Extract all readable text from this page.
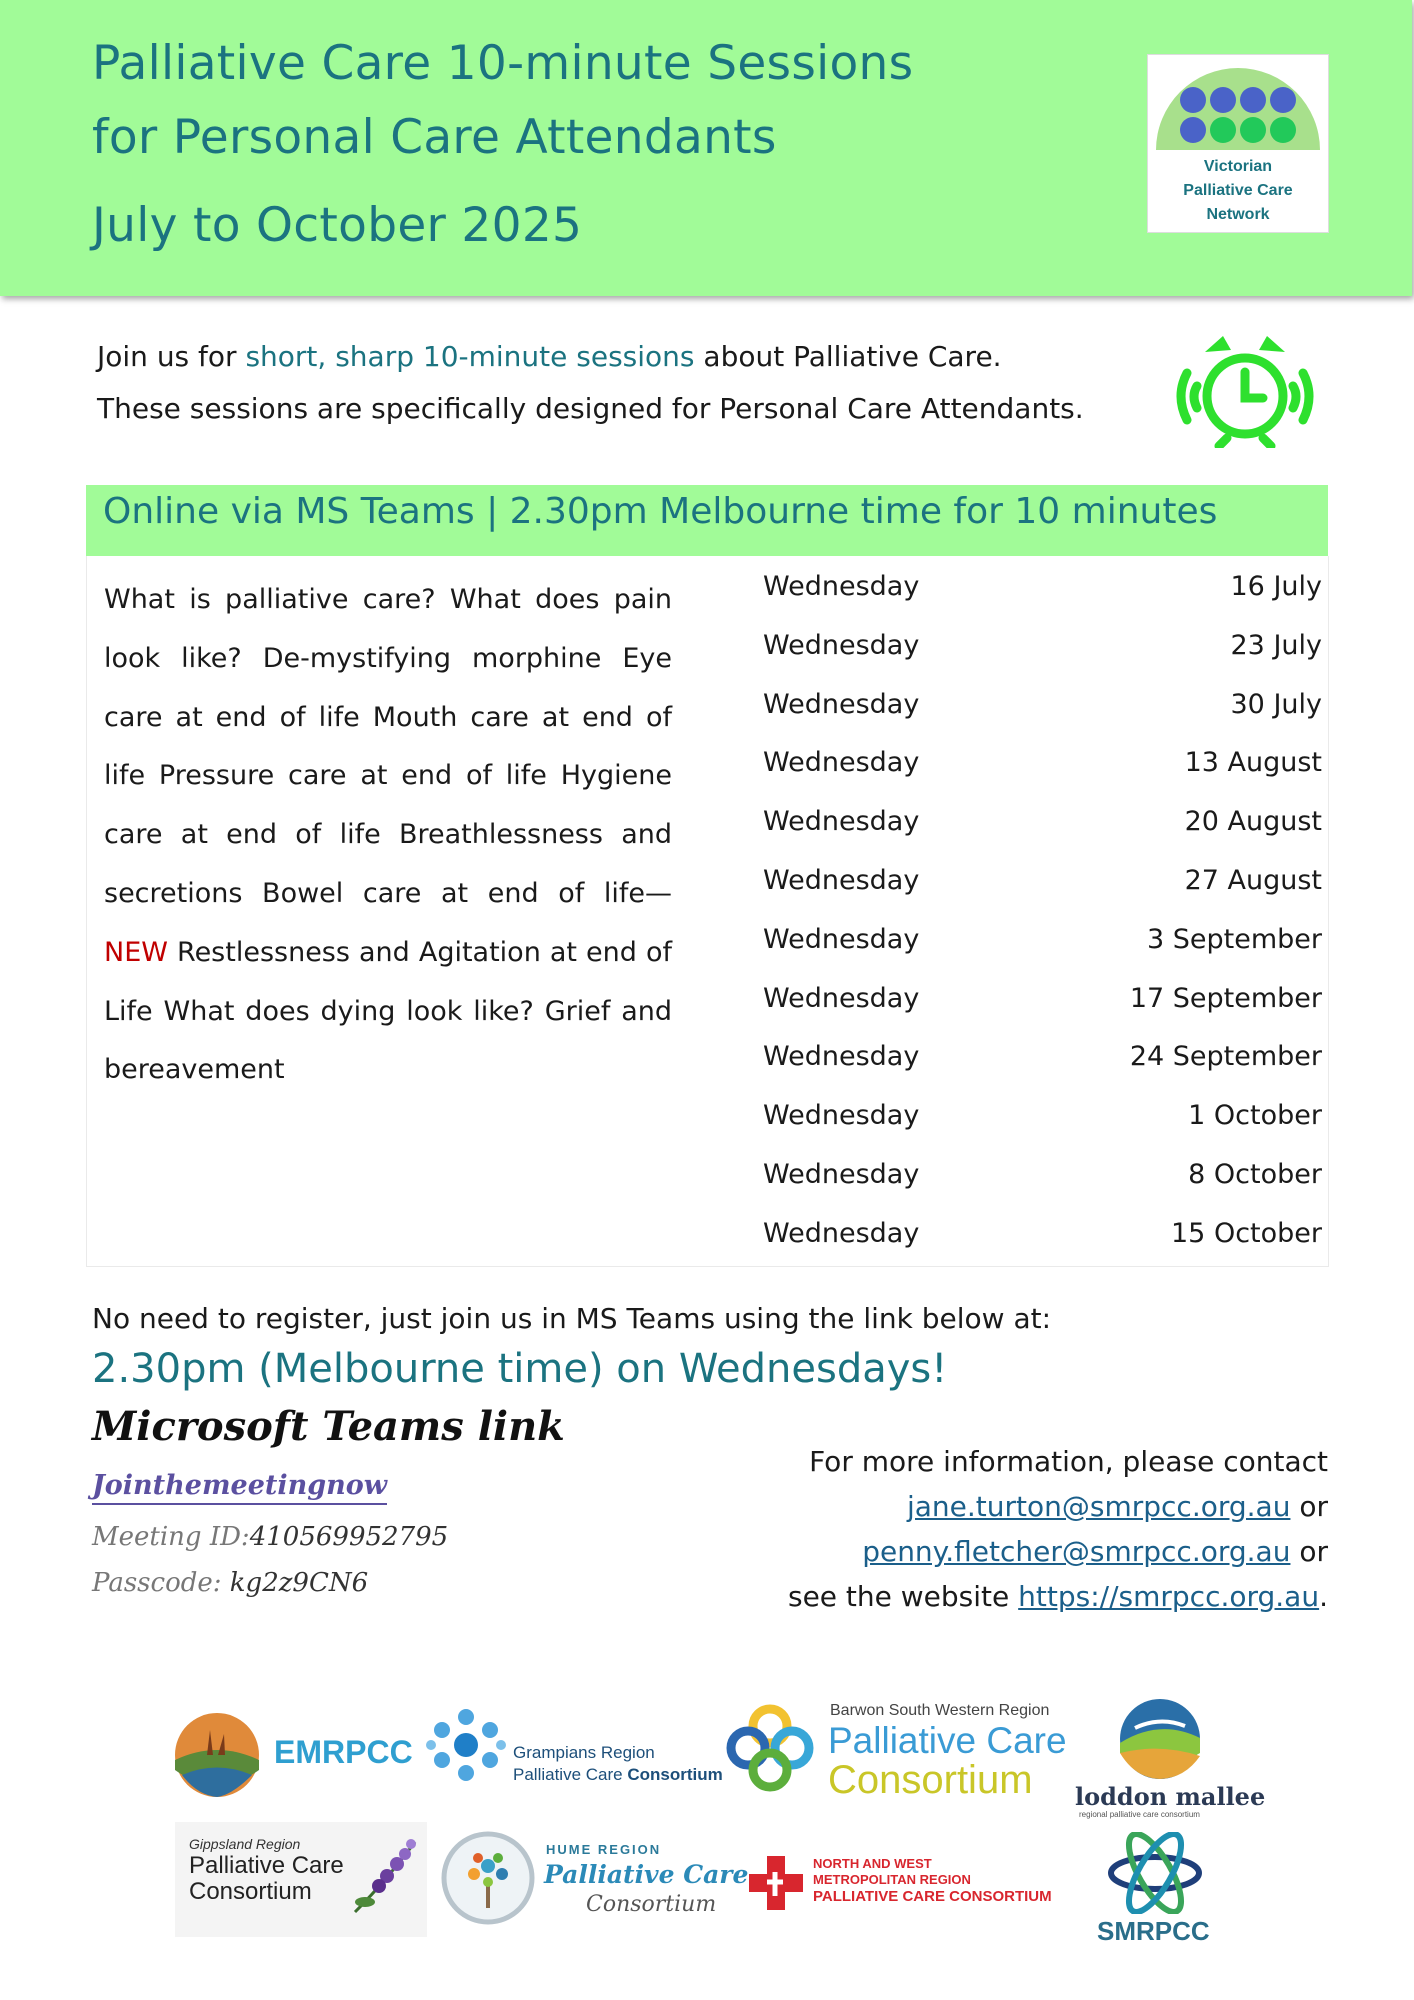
Palliative Care 10-minute Sessions
for Personal Care Attendants
July to October 2025
Victorian
Palliative Care
Network
Join us for short, sharp 10-minute sessions about Palliative Care.
These sessions are specifically designed for Personal Care Attendants.
Online via MS Teams | 2.30pm Melbourne time for 10 minutes
What is palliative care? What does pain look like? De-mystifying morphine Eye care at end of life Mouth care at end of life Pressure care at end of life Hygiene care at end of life Breathlessness and secretions Bowel care at end of life— NEW Restlessness and Agitation at end of Life What does dying look like? Grief and bereavement
Wednesday	16 July
Wednesday	23 July
Wednesday	30 July
Wednesday	13 August
Wednesday	20 August
Wednesday	27 August
Wednesday	3 September
Wednesday	17 September
Wednesday	24 September
Wednesday	1 October
Wednesday	8 October
Wednesday	15 October
No need to register, just join us in MS Teams using the link below at:
2.30pm (Melbourne time) on Wednesdays!
Microsoft Teams link
Jointhemeetingnow
Meeting ID:410569952795
Passcode: kg2z9CN6
For more information, please contact
jane.turton@smrpcc.org.au or
penny.fletcher@smrpcc.org.au or
see the website https://smrpcc.org.au.
EMRPCC	Grampians Region
Palliative Care Consortium
Barwon South Western Region
Palliative Care
Consortium loddon mallee
regional palliative care consortium
Gippsland Region
Palliative Care
Consortium
HUME REGION
Palliative Care
Consortium
NORTH AND WEST
METROPOLITAN REGION
PALLIATIVE CARE CONSORTIUM
SMRPCC
